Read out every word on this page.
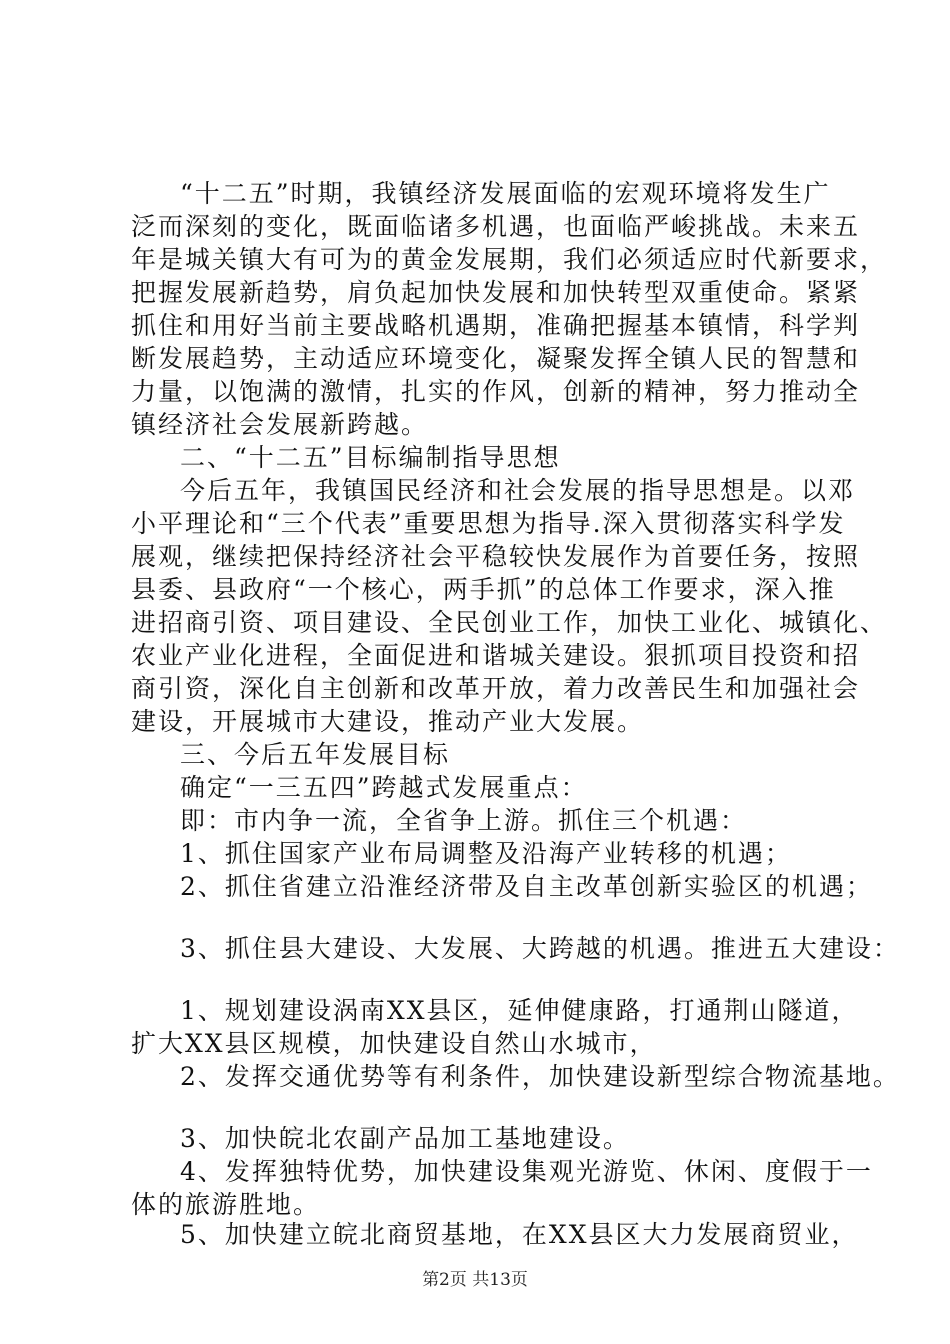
“十二五”时期，我镇经济发展面临的宏观环境将发生广
泛而深刻的变化，既面临诸多机遇，也面临严峻挑战。未来五
年是城关镇大有可为的黄金发展期，我们必须适应时代新要求，
把握发展新趋势，肩负起加快发展和加快转型双重使命。紧紧
抓住和用好当前主要战略机遇期，准确把握基本镇情，科学判
断发展趋势，主动适应环境变化，凝聚发挥全镇人民的智慧和
力量，以饱满的激情，扎实的作风，创新的精神，努力推动全
镇经济社会发展新跨越。
二、“十二五”目标编制指导思想
今后五年，我镇国民经济和社会发展的指导思想是。以邓
小平理论和“三个代表”重要思想为指导.深入贯彻落实科学发
展观，继续把保持经济社会平稳较快发展作为首要任务，按照
县委、县政府“一个核心，两手抓”的总体工作要求，深入推
进招商引资、项目建设、全民创业工作，加快工业化、城镇化、
农业产业化进程，全面促进和谐城关建设。狠抓项目投资和招
商引资，深化自主创新和改革开放，着力改善民生和加强社会
建设，开展城市大建设，推动产业大发展。
三、今后五年发展目标
确定“一三五四”跨越式发展重点：
即：市内争一流，全省争上游。抓住三个机遇：
1、抓住国家产业布局调整及沿海产业转移的机遇；
2、抓住省建立沿淮经济带及自主改革创新实验区的机遇；
3、抓住县大建设、大发展、大跨越的机遇。推进五大建设：
1、规划建设涡南XX县区，延伸健康路，打通荆山隧道，
扩大XX县区规模，加快建设自然山水城市，
2、发挥交通优势等有利条件，加快建设新型综合物流基地。
3、加快皖北农副产品加工基地建设。
4、发挥独特优势，加快建设集观光游览、休闲、度假于一
体的旅游胜地。
5、加快建立皖北商贸基地，在XX县区大力发展商贸业，
第2页 共13页
